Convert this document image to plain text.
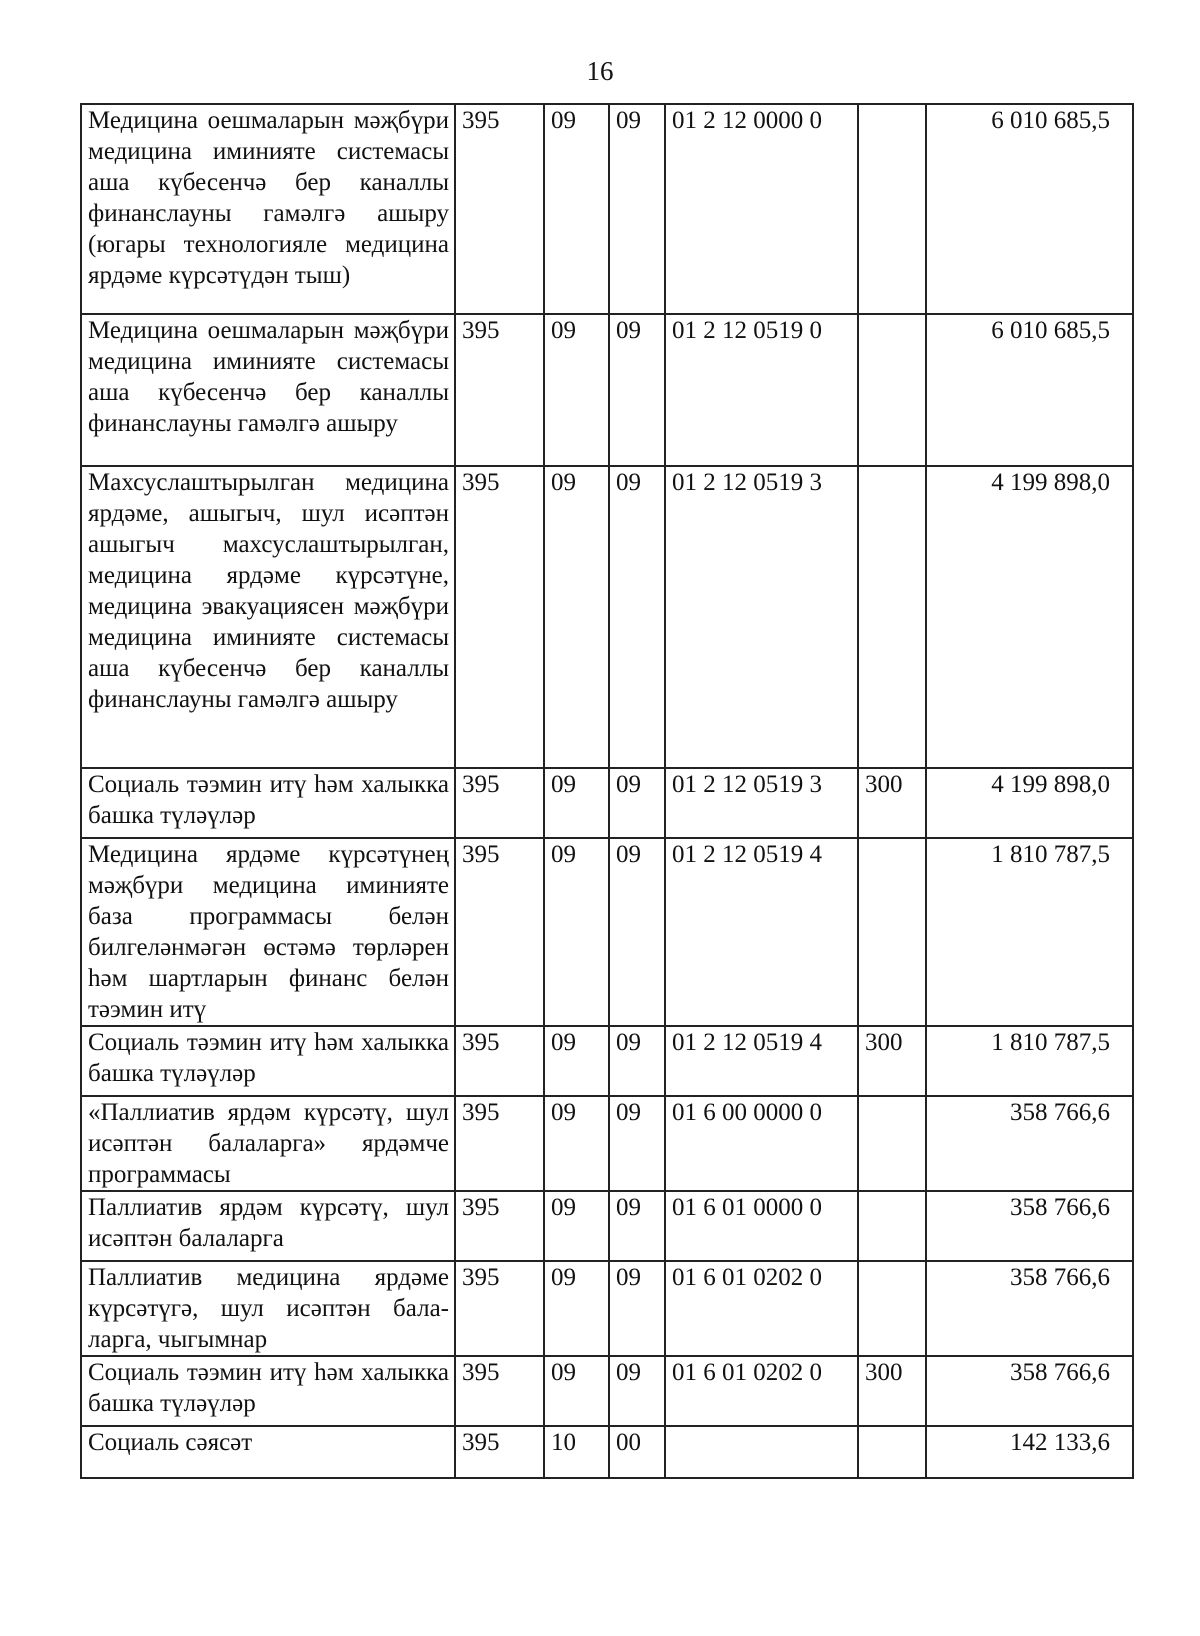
16
Медицина оешмаларын мәҗбүри медицина иминияте системасы аша күбесенчә бер каналлы финанслауны гамәлгә ашыру (югары технологияле медицина ярдәме күрсәтүдән тыш)	395	09	09	01 2 12 0000 0		6 010 685,5
Медицина оешмаларын мәҗбүри медицина иминияте системасы аша күбесенчә бер каналлы финанслауны гамәлгә ашыру	395	09	09	01 2 12 0519 0		6 010 685,5
Махсуслаштырылган медицина ярдәме, ашыгыч, шул исәптән ашыгыч махсуслаштырылган, медицина ярдәме күрсәтүне, медицина эвакуациясен мәҗбүри медицина иминияте системасы аша күбесенчә бер каналлы финанслауны гамәлгә ашыру	395	09	09	01 2 12 0519 3		4 199 898,0
Социаль тәэмин итү һәм халыкка башка түләүләр	395	09	09	01 2 12 0519 3	300	4 199 898,0
Медицина ярдәме күрсәтүнең мәҗбүри медицина иминияте база программасы белән билгеләнмәгән өстәмә төрләрен һәм шартларын финанс белән тәэмин итү	395	09	09	01 2 12 0519 4		1 810 787,5
Социаль тәэмин итү һәм халыкка башка түләүләр	395	09	09	01 2 12 0519 4	300	1 810 787,5
«Паллиатив ярдәм күрсәтү, шул исәптән балаларга» ярдәмче программасы	395	09	09	01 6 00 0000 0		358 766,6
Паллиатив ярдәм күрсәтү, шул исәптән балаларга	395	09	09	01 6 01 0000 0		358 766,6
Паллиатив медицина ярдәме күрсәтүгә, шул исәптән балаларга, чыгымнар	395	09	09	01 6 01 0202 0		358 766,6
Социаль тәэмин итү һәм халыкка башка түләүләр	395	09	09	01 6 01 0202 0	300	358 766,6
Социаль сәясәт	395	10	00			142 133,6
